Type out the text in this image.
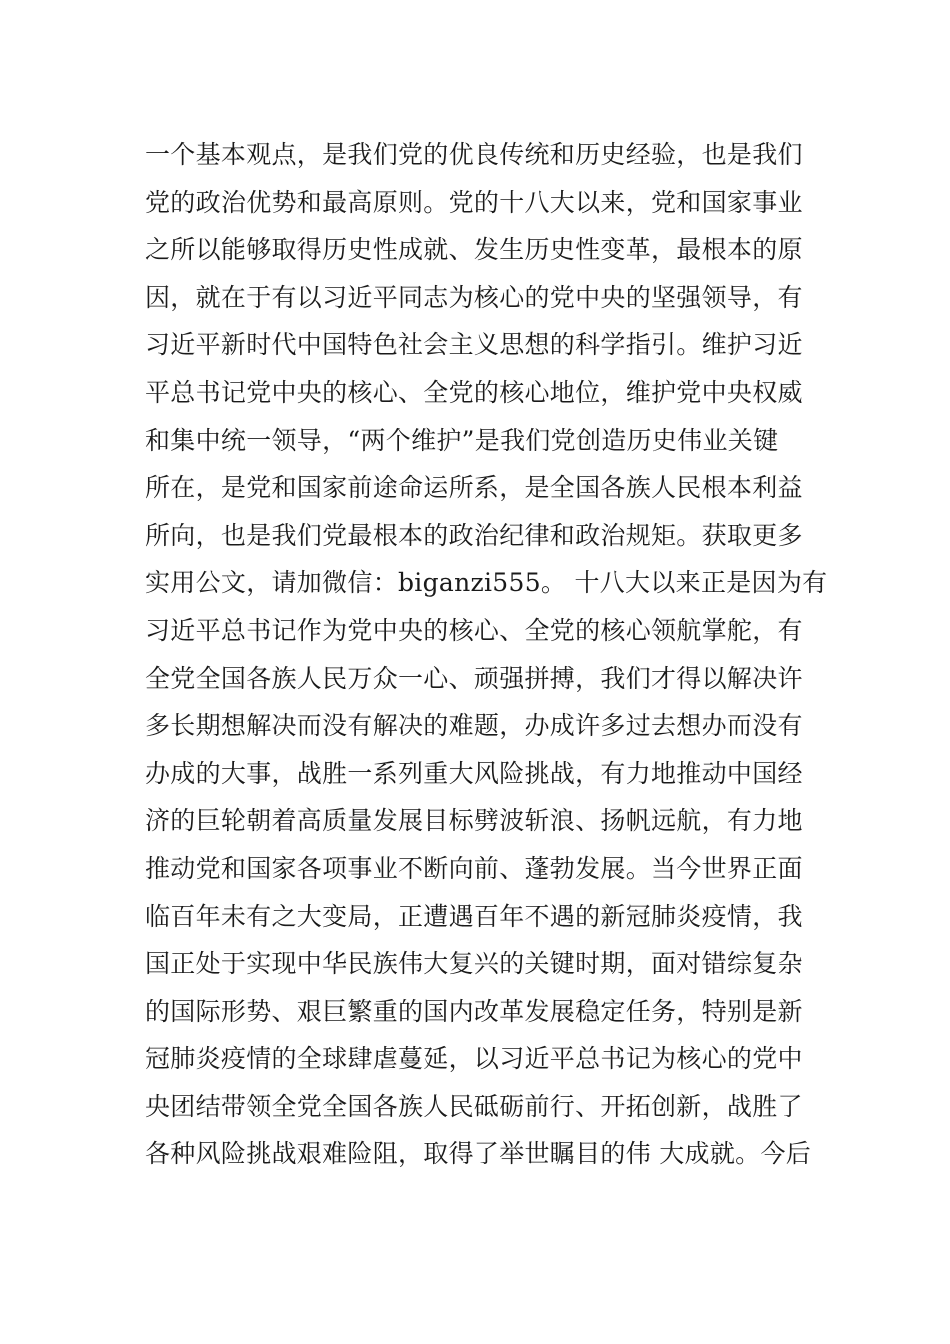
一个基本观点，是我们党的优良传统和历史经验，也是我们
党的政治优势和最高原则。党的十八大以来，党和国家事业
之所以能够取得历史性成就、发生历史性变革，最根本的原
因，就在于有以习近平同志为核心的党中央的坚强领导，有
习近平新时代中国特色社会主义思想的科学指引。维护习近
平总书记党中央的核心、全党的核心地位，维护党中央权威
和集中统一领导，“两个维护”是我们党创造历史伟业关键
所在，是党和国家前途命运所系，是全国各族人民根本利益
所向，也是我们党最根本的政治纪律和政治规矩。获取更多
实用公文，请加微信：biganzi555。 十八大以来正是因为有
习近平总书记作为党中央的核心、全党的核心领航掌舵，有
全党全国各族人民万众一心、顽强拼搏，我们才得以解决许
多长期想解决而没有解决的难题，办成许多过去想办而没有
办成的大事，战胜一系列重大风险挑战，有力地推动中国经
济的巨轮朝着高质量发展目标劈波斩浪、扬帆远航，有力地
推动党和国家各项事业不断向前、蓬勃发展。当今世界正面
临百年未有之大变局，正遭遇百年不遇的新冠肺炎疫情，我
国正处于实现中华民族伟大复兴的关键时期，面对错综复杂
的国际形势、艰巨繁重的国内改革发展稳定任务，特别是新
冠肺炎疫情的全球肆虐蔓延，以习近平总书记为核心的党中
央团结带领全党全国各族人民砥砺前行、开拓创新，战胜了
各种风险挑战艰难险阻，取得了举世瞩目的伟 大成就。今后
